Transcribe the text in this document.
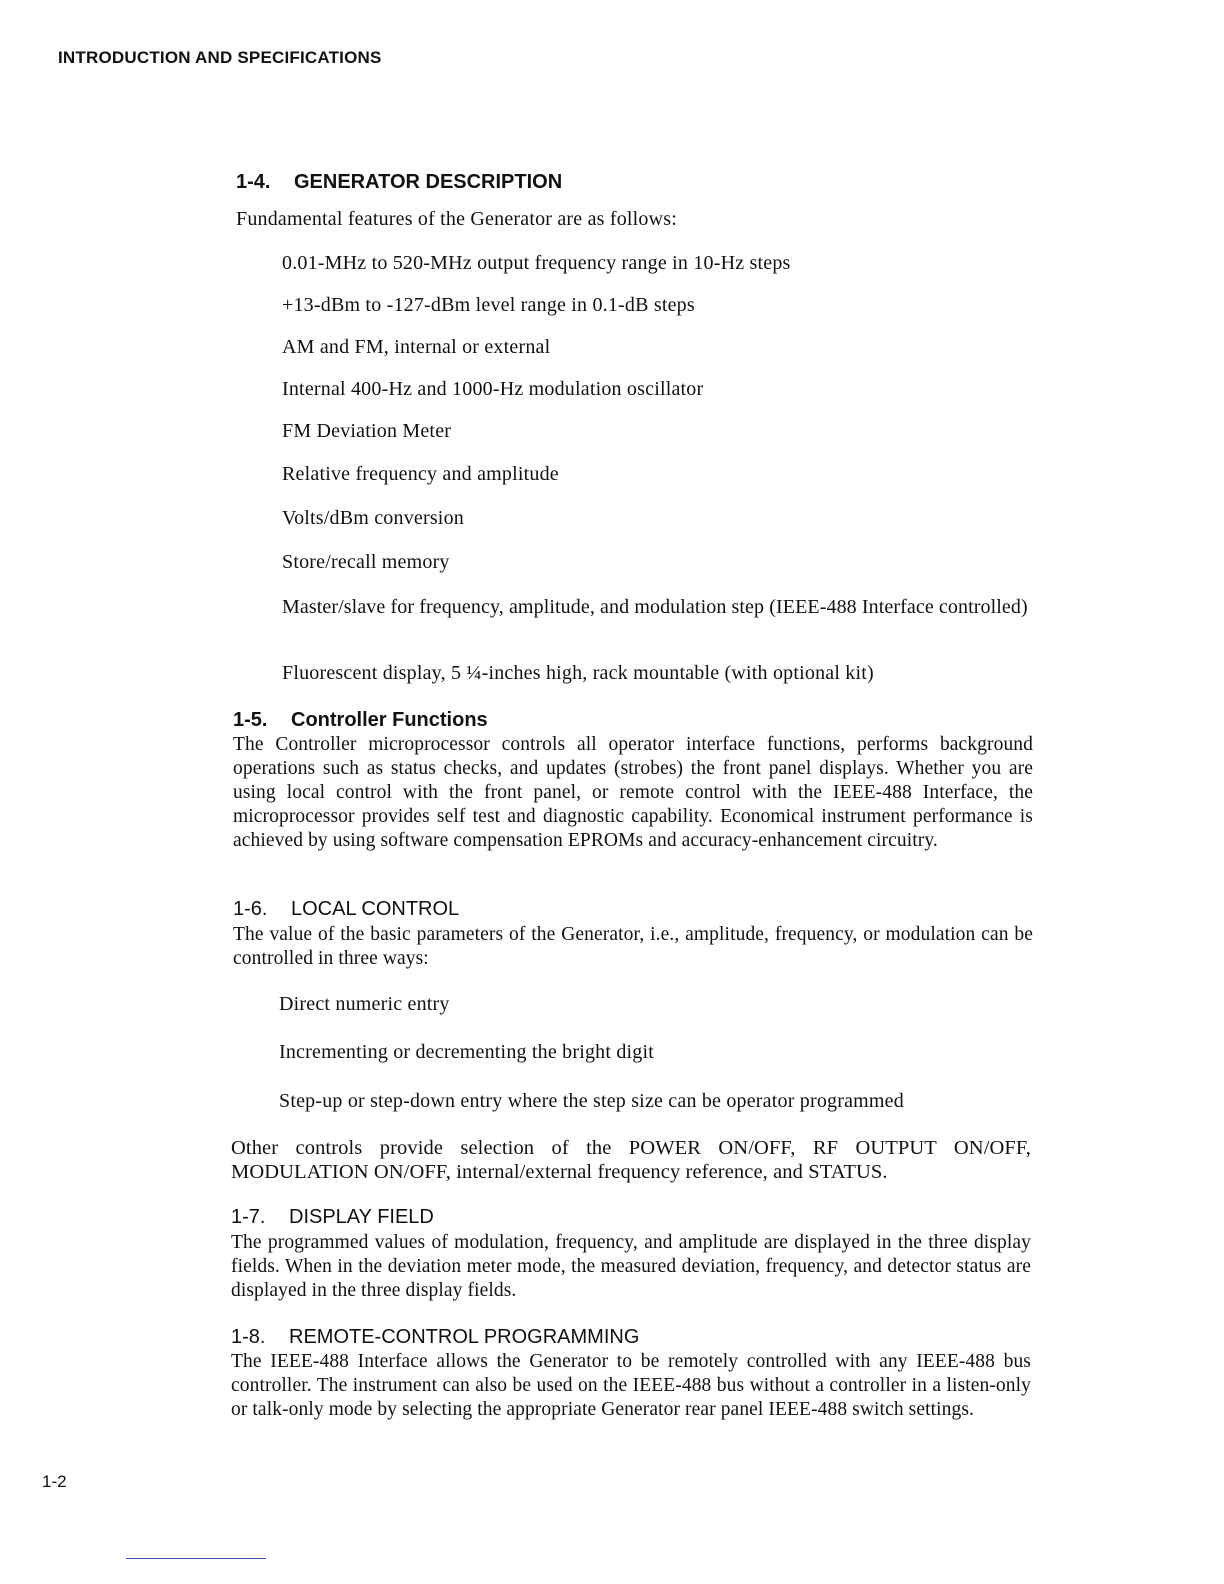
INTRODUCTION AND SPECIFICATIONS
1-4. GENERATOR DESCRIPTION
Fundamental features of the Generator are as follows:
0.01-MHz to 520-MHz output frequency range in 10-Hz steps
+13-dBm to -127-dBm level range in 0.1-dB steps
AM and FM, internal or external
Internal 400-Hz and 1000-Hz modulation oscillator
FM Deviation Meter
Relative frequency and amplitude
Volts/dBm conversion
Store/recall memory
Master/slave for frequency, amplitude, and modulation step (IEEE-488 Interface controlled)
Fluorescent display, 5 ¼-inches high, rack mountable (with optional kit)
1-5. Controller Functions
The Controller microprocessor controls all operator interface functions, performs background operations such as status checks, and updates (strobes) the front panel displays. Whether you are using local control with the front panel, or remote control with the IEEE-488 Interface, the microprocessor provides self test and diagnostic capability. Economical instrument performance is achieved by using software compensation EPROMs and accuracy-enhancement circuitry.
1-6. LOCAL CONTROL
The value of the basic parameters of the Generator, i.e., amplitude, frequency, or modulation can be controlled in three ways:
Direct numeric entry
Incrementing or decrementing the bright digit
Step-up or step-down entry where the step size can be operator programmed
Other controls provide selection of the POWER ON/OFF, RF OUTPUT ON/OFF, MODULATION ON/OFF, internal/external frequency reference, and STATUS.
1-7. DISPLAY FIELD
The programmed values of modulation, frequency, and amplitude are displayed in the three display fields. When in the deviation meter mode, the measured deviation, frequency, and detector status are displayed in the three display fields.
1-8. REMOTE-CONTROL PROGRAMMING
The IEEE-488 Interface allows the Generator to be remotely controlled with any IEEE-488 bus controller. The instrument can also be used on the IEEE-488 bus without a controller in a listen-only or talk-only mode by selecting the appropriate Generator rear panel IEEE-488 switch settings.
1-2
